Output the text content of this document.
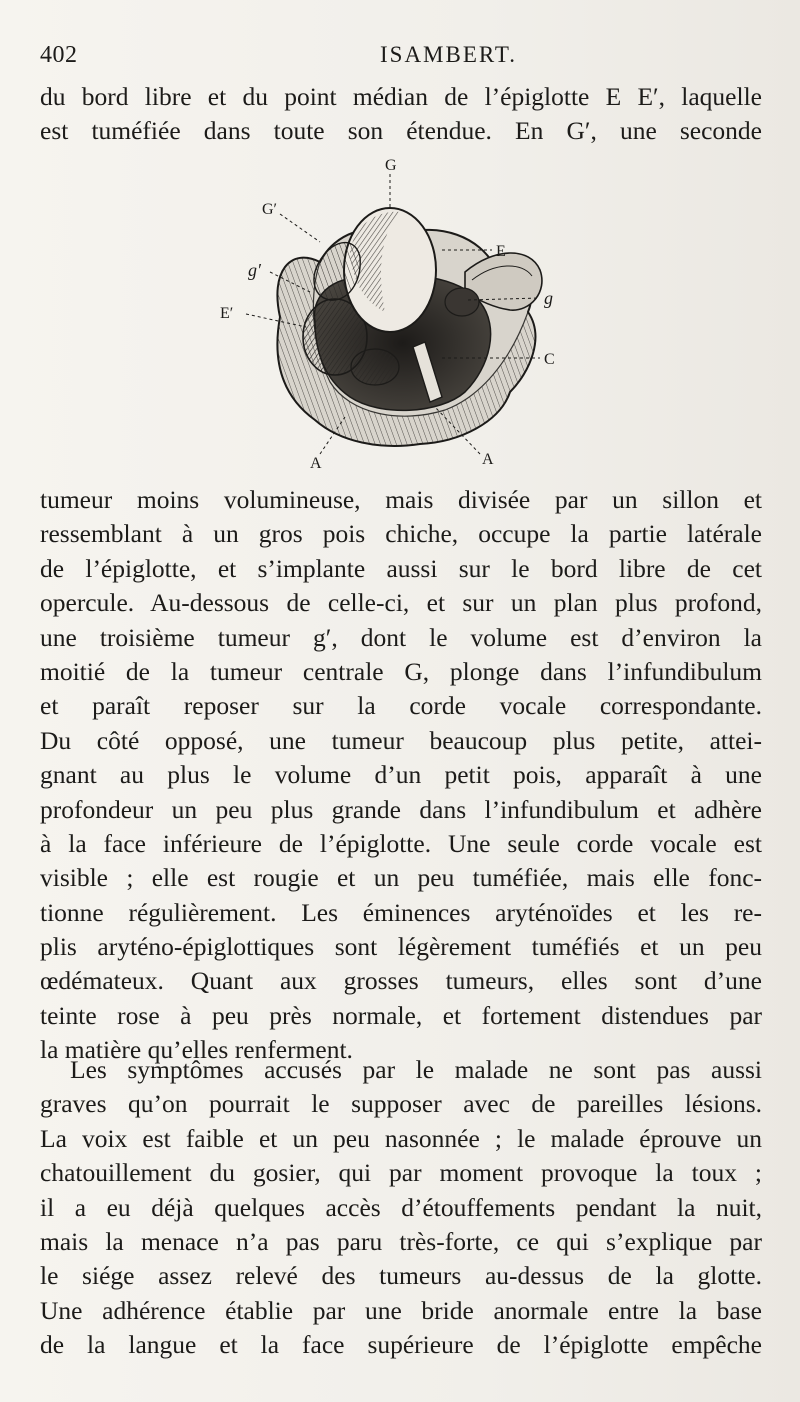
402	ISAMBERT.
du bord libre et du point médian de l’épiglotte E E′, laquelle
est tuméfiée dans toute son étendue. En G′, une seconde
G
G′
E
g′
g
E′
C
A	A
tumeur moins volumineuse, mais divisée par un sillon et
ressemblant à un gros pois chiche, occupe la partie latérale
de l’épiglotte, et s’implante aussi sur le bord libre de cet
opercule. Au-dessous de celle-ci, et sur un plan plus profond,
une troisième tumeur g′, dont le volume est d’environ la
moitié de la tumeur centrale G, plonge dans l’infundibulum
et paraît reposer sur la corde vocale correspondante.
Du côté opposé, une tumeur beaucoup plus petite, attei-
gnant au plus le volume d’un petit pois, apparaît à une
profondeur un peu plus grande dans l’infundibulum et adhère
à la face inférieure de l’épiglotte. Une seule corde vocale est
visible ; elle est rougie et un peu tuméfiée, mais elle fonc-
tionne régulièrement. Les éminences aryténoïdes et les re-
plis aryténo-épiglottiques sont légèrement tuméfiés et un peu
œdémateux. Quant aux grosses tumeurs, elles sont d’une
teinte rose à peu près normale, et fortement distendues par
la matière qu’elles renferment.
Les symptômes accusés par le malade ne sont pas aussi
graves qu’on pourrait le supposer avec de pareilles lésions.
La voix est faible et un peu nasonnée ; le malade éprouve un
chatouillement du gosier, qui par moment provoque la toux ;
il a eu déjà quelques accès d’étouffements pendant la nuit,
mais la menace n’a pas paru très-forte, ce qui s’explique par
le siége assez relevé des tumeurs au-dessus de la glotte.
Une adhérence établie par une bride anormale entre la base
de la langue et la face supérieure de l’épiglotte empêche
